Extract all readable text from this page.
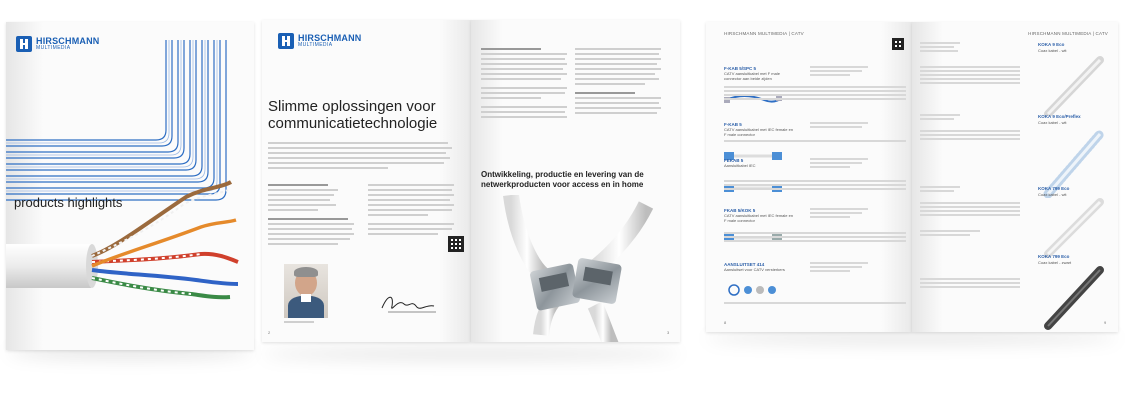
HIRSCHMANN
MULTIMEDIA
products highlights
HIRSCHMANN
MULTIMEDIA
Slimme oplossingen voor communicatietechnologie
2
Ontwikkeling, productie en levering van de netwerkproducten voor access en in home
3
HIRSCHMANN MULTIMEDIA | CATV
F-KAB 5/SPC 5
CATV aansluitkabel met F male connector aan beide zijden
F-KAB 5
CATV aansluitkabel met IEC female en F male connector
FEKAB 5
Aansluitkabel IEC
FKAB 5/KOK 5
CATV aansluitkabel met IEC female en F male connector
AANSLUITSET 414
Aansluitset voor CATV versterkers
8
HIRSCHMANN MULTIMEDIA | CATV
KOKA 9 Eco
Coax kabel - wit
KOKA 9 Eco/Preflex
Coax kabel - wit
KOKA 799 Eco
Coax kabel - wit
KOKA 799 Eco
Coax kabel - zwart
9
